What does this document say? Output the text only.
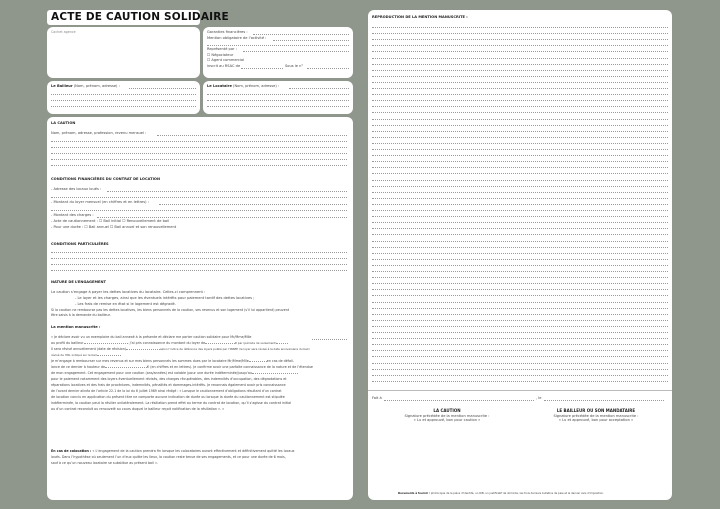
ACTE DE CAUTION SOLIDAIRE
Cachet agence	Garanties financières :
Mention obligatoire de l’activité :
Représenté par :
☐ Négociateur
☐ Agent commercial
inscrit au RSAC de	Sous le n°
Le Bailleur (Nom, prénom, adresse) :	Le Locataire (Nom, prénom, adresse) :
LA CAUTION
Nom, prénom, adresse, profession, revenu mensuel :
CONDITIONS FINANCIÈRES DU CONTRAT DE LOCATION
- Adresse des locaux loués :
- Montant du loyer mensuel (en chiffres et en lettres) :
- Montant des charges :
- Acte de cautionnement : ☐ Bail initial ☐ Renouvellement de bail
- Pour une durée : ☐ Bail annuel ☐ Bail annuel et son renouvellement
CONDITIONS PARTICULIÈRES
NATURE DE L’ENGAGEMENT
La caution s’engage à payer les dettes locatives du locataire. Celles-ci comprennent :
- Le loyer et les charges, ainsi que les éventuels intérêts pour paiement tardif des dettes locatives ;
- Les frais de remise en état si le logement est dégradé.
Si la caution ne rembourse pas les dettes locatives, les biens personnels de la caution, ses revenus et son logement (s’il lui appartient) peuvent
être saisis à la demande du bailleur.
La mention manuscrite :
« Je déclare avoir vu un exemplaire du bail annexé à la présente et déclare me porter caution solidaire pour Mr/Mme/Mlle
au profit du bailleur	. J’ai pris connaissance du montant du loyer de	€ par (période de versement)
Il sera révisé annuellement (date de révision)	selon l’indice de référence des loyers publié par l’INSEE (le loyer sera révisé à la date anniversaire du bail)
révisé de l’IRL indiqué sur le bail
Je m’engage à rembourser sur mes revenus et sur mes biens personnels les sommes dues par le locataire Mr/Mme/Mlle	en cas de défail-
lance de ce dernier à hauteur de	€ (en chiffres et en lettres). Je confirme avoir une parfaite connaissance de la nature et de l’étendue
de mon engagement. Cet engagement pour une caution (ans/années) est valable (pour une durée indéterminée/jusqu’au
pour le paiement notamment des loyers éventuellement révisés, des charges récupérables, des indemnités d’occupation, des dégradations et
réparations locatives et des frais de procédures, indemnités, pénalités et dommages-intérêts. Je reconnais également avoir pris connaissance
de l’avant dernier alinéa de l’article 22-1 de la loi du 6 juillet 1989 ainsi rédigé : « Lorsque le cautionnement d’obligations résultant d’un contrat
de location conclu en application du présent titre ne comporte aucune indication de durée ou lorsque la durée du cautionnement est stipulée
indéterminée, la caution peut la résilier unilatéralement. La résiliation prend effet au terme du contrat de location, qu’il s’agisse du contrat initial
ou d’un contrat reconduit ou renouvelé au cours duquel le bailleur reçoit notification de la résiliation ». »
En cas de colocation : « L’engagement de la caution prendra fin lorsque les colocataires auront effectivement et définitivement quitté les locaux
loués. Dans l’hypothèse où seulement l’un d’eux quitte les lieux, la caution reste tenue de ses engagements, et ce pour une durée de 6 mois,
sauf à ce qu’un nouveau locataire se substitue au présent bail ».
REPRODUCTION DE LA MENTION MANUSCRITE :
Fait à	, le
LA CAUTION
Signature précédée de la mention manuscrite :
« Lu et approuvé, bon pour caution »
LE BAILLEUR OU SON MANDATAIRE
Signature précédée de la mention manuscrite :
« Lu et approuvé, bon pour acceptation »
Documents à fournir : photocopie de la pièce d’identité, un RIB, un justificatif de domicile, les trois derniers bulletins de paie et le dernier avis d’imposition.
